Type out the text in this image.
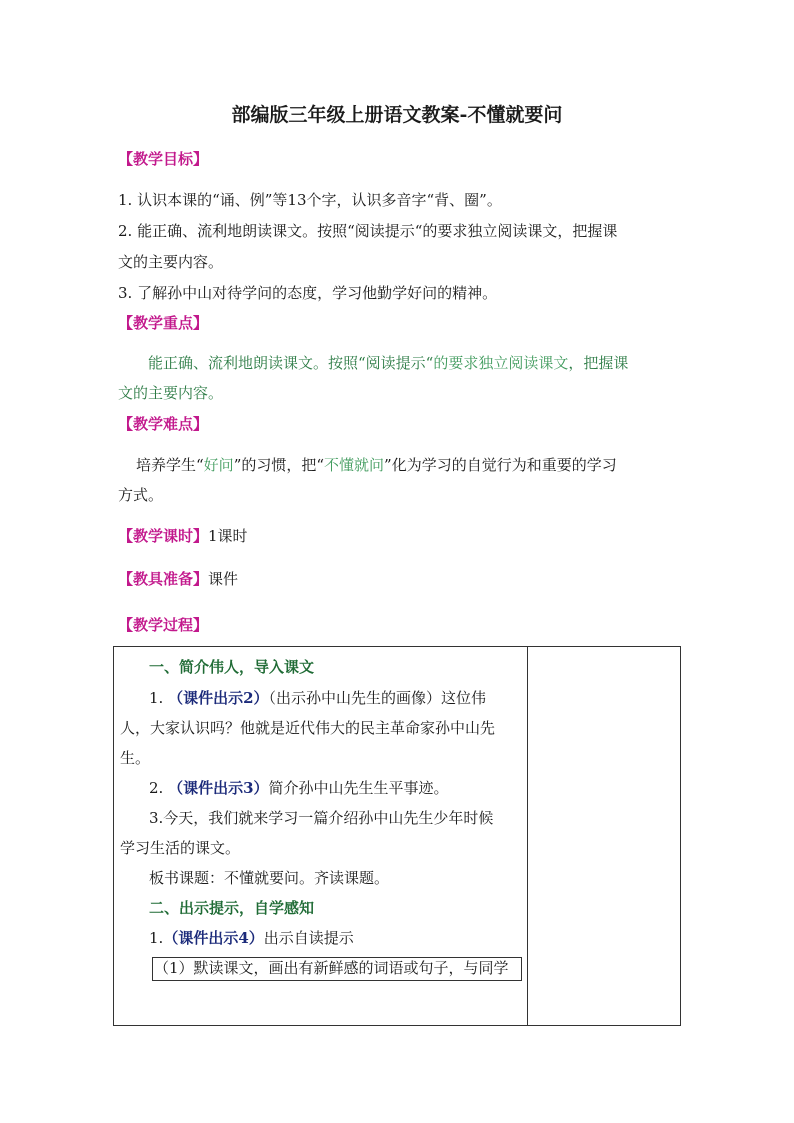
部编版三年级上册语文教案-不懂就要问
【教学目标】
1. 认识本课的“诵、例”等13个字，认识多音字“背、圈”。
2. 能正确、流利地朗读课文。按照“阅读提示“的要求独立阅读课文，把握课
文的主要内容。
3. 了解孙中山对待学问的态度，学习他勤学好问的精神。
【教学重点】
能正确、流利地朗读课文。按照“阅读提示“的要求独立阅读课文，把握课
文的主要内容。
【教学难点】
培养学生“好问”的习惯，把“不懂就问”化为学习的自觉行为和重要的学习
方式。
【教学课时】1课时
【教具准备】课件
【教学过程】
一、简介伟人，导入课文
1. （课件出示2）（出示孙中山先生的画像）这位伟
人，大家认识吗？他就是近代伟大的民主革命家孙中山先
生。
2. （课件出示3）简介孙中山先生生平事迹。
3.今天，我们就来学习一篇介绍孙中山先生少年时候
学习生活的课文。
板书课题：不懂就要问。齐读课题。
二、出示提示，自学感知
1.（课件出示4）出示自读提示
（1）默读课文，画出有新鲜感的词语或句子，与同学
